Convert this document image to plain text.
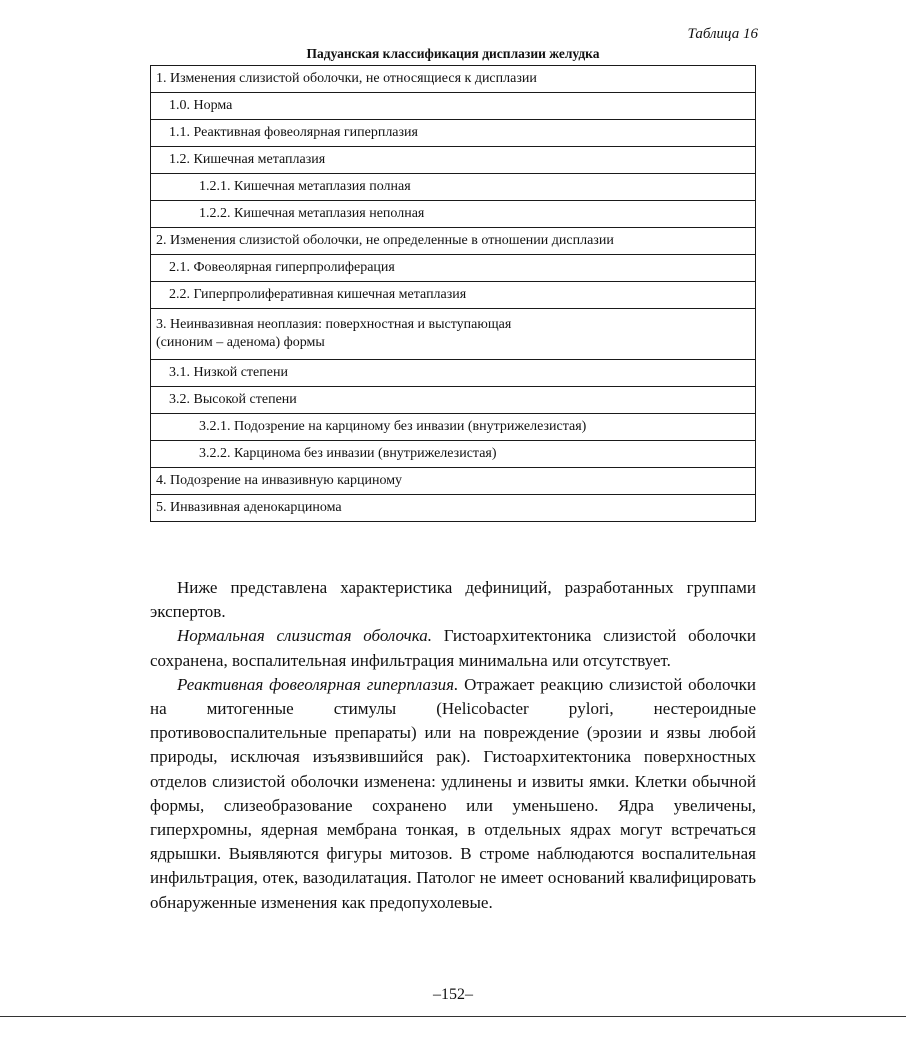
Таблица 16
Падуанская классификация дисплазии желудка
1. Изменения слизистой оболочки, не относящиеся к дисплазии
1.0. Норма
1.1. Реактивная фовеолярная гиперплазия
1.2. Кишечная метаплазия
1.2.1. Кишечная метаплазия полная
1.2.2. Кишечная метаплазия неполная
2. Изменения слизистой оболочки, не определенные в отношении дисплазии
2.1. Фовеолярная гиперпролиферация
2.2. Гиперпролиферативная кишечная метаплазия
3. Неинвазивная неоплазия: поверхностная и выступающая
(синоним – аденома) формы
3.1. Низкой степени
3.2. Высокой степени
3.2.1. Подозрение на карциному без инвазии (внутрижелезистая)
3.2.2. Карцинома без инвазии (внутрижелезистая)
4. Подозрение на инвазивную карциному
5. Инвазивная аденокарцинома

Ниже представлена характеристика дефиниций, разработанных группами экспертов.

Нормальная слизистая оболочка. Гистоархитектоника слизистой оболочки сохранена, воспалительная инфильтрация минимальна или отсутствует.

Реактивная фовеолярная гиперплазия. Отражает реакцию слизистой оболочки на митогенные стимулы (Helicobacter pylori, нестероидные противовоспалительные препараты) или на повреждение (эрозии и язвы любой природы, исключая изъязвившийся рак). Гистоархитектоника поверхностных отделов слизистой оболочки изменена: удлинены и извиты ямки. Клетки обычной формы, слизеобразование сохранено или уменьшено. Ядра увеличены, гиперхромны, ядерная мембрана тонкая, в отдельных ядрах могут встречаться ядрышки. Выявляются фигуры митозов. В строме наблюдаются воспалительная инфильтрация, отек, вазодилатация. Патолог не имеет оснований квалифицировать обнаруженные изменения как предопухолевые.

–152–
